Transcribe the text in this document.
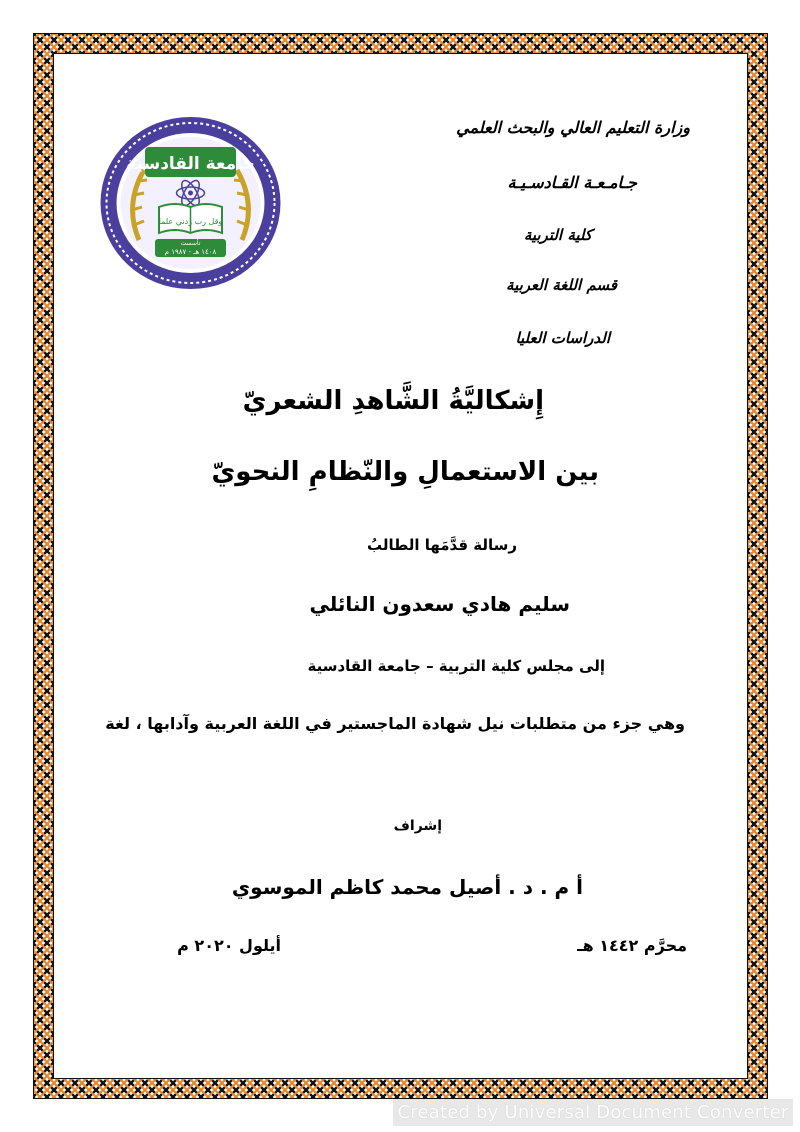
جامعة القادسية
وقل رب زدني علما
تأسست
١٤٠٨ هـ - ١٩٨٧ م
وزارة التعليم العالي والبحث العلمي
جـامـعـة القـادسـيـة
كلية التربية
قسم اللغة العربية
الدراسات العليا
إِشكاليَّةُ الشَّاهدِ الشعريّ
بين الاستعمالِ والنّظامِ النحويّ
رسالة قدَّمَها الطالبُ
سليم هادي سعدون النائلي
إلى مجلس كلية التربية – جامعة القادسية
وهي جزء من متطلبات نيل شهادة الماجستير في اللغة العربية وآدابها ، لغة
إشراف
أ م . د . أصيل محمد كاظم الموسوي
محرَّم ١٤٤٢ هـ
أيلول ٢٠٢٠ م
Created by Universal Document Converter
